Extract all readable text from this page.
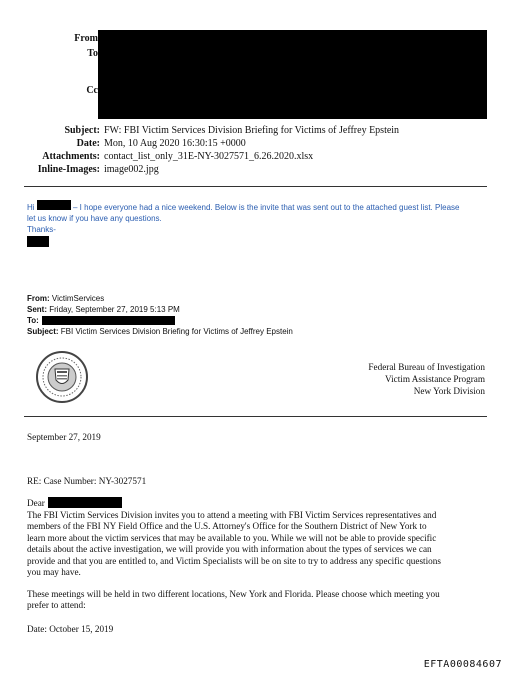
From
To
Cc
Subject: FW: FBI Victim Services Division Briefing for Victims of Jeffrey Epstein
Date: Mon, 10 Aug 2020 16:30:15 +0000
Attachments: contact_list_only_31E-NY-3027571_6.26.2020.xlsx
Inline-Images: image002.jpg
Hi	– I hope everyone had a nice weekend. Below is the invite that was sent out to the attached guest list. Please
let us know if you have any questions.
Thanks-
From: VictimServices
Sent: Friday, September 27, 2019 5:13 PM
To:
Subject: FBI Victim Services Division Briefing for Victims of Jeffrey Epstein
Federal Bureau of Investigation
Victim Assistance Program
New York Division
September 27, 2019
RE: Case Number: NY-3027571
Dear
The FBI Victim Services Division invites you to attend a meeting with FBI Victim Services representatives and
members of the FBI NY Field Office and the U.S. Attorney's Office for the Southern District of New York to
learn more about the victim services that may be available to you. While we will not be able to provide specific
details about the active investigation, we will provide you with information about the types of services we can
provide and that you are entitled to, and Victim Specialists will be on site to try to address any specific questions
you may have.
These meetings will be held in two different locations, New York and Florida. Please choose which meeting you
prefer to attend:
Date: October 15, 2019
EFTA00084607
